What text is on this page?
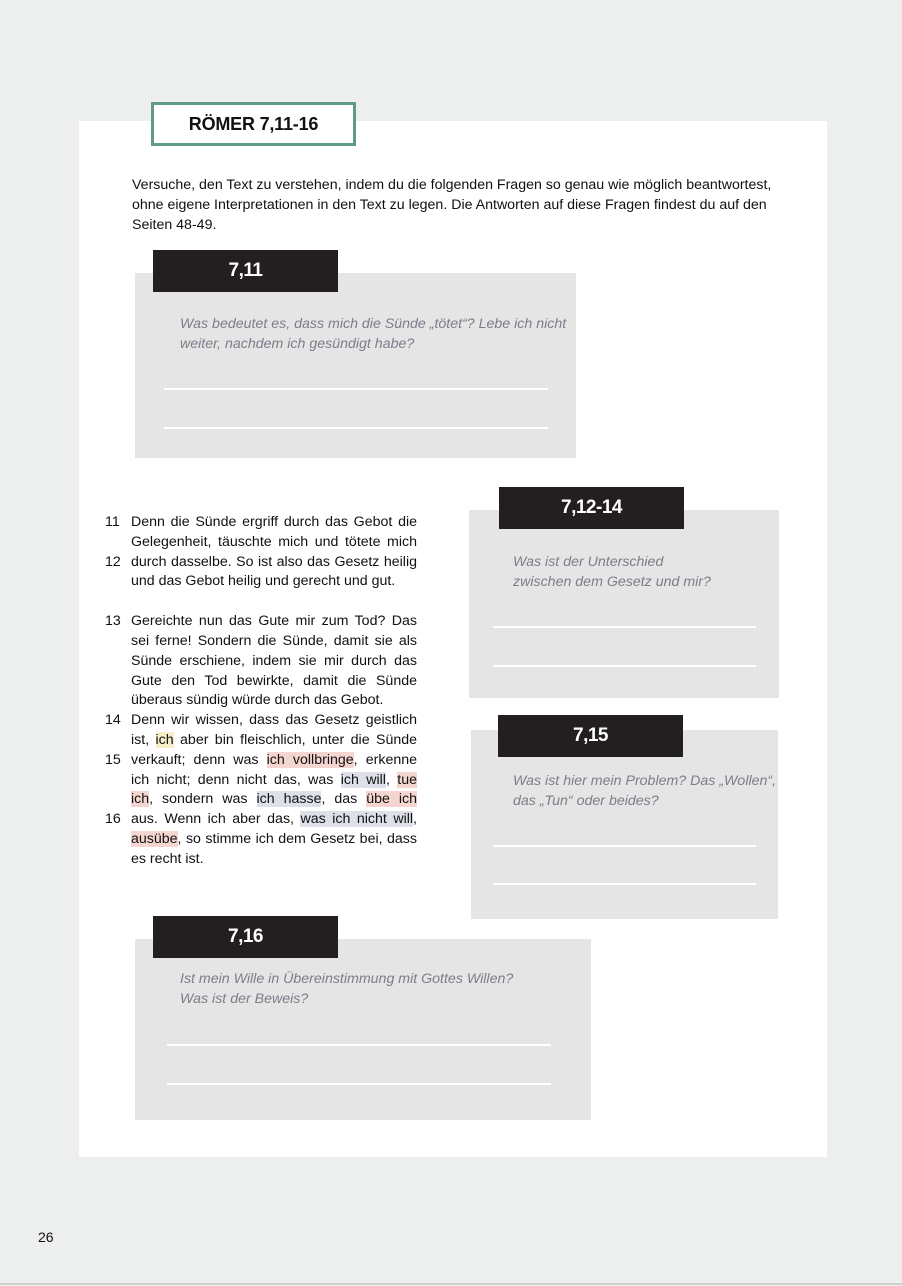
RÖMER 7,11-16
Versuche, den Text zu verstehen, indem du die folgenden Fragen so genau wie möglich beantwortest, ohne eigene Interpretationen in den Text zu legen. Die Antworten auf diese Fragen findest du auf den Seiten 48-49.
7,11
Was bedeutet es, dass mich die Sünde „tötet“? Lebe ich nicht
weiter, nachdem ich gesündigt habe?
7,12-14
Was ist der Unterschied
zwischen dem Gesetz und mir?
7,15
Was ist hier mein Problem? Das „Wollen“,
das „Tun“ oder beides?
7,16
Ist mein Wille in Übereinstimmung mit Gottes Willen?
Was ist der Beweis?
11 Denn die Sünde ergriff durch das Gebot die
Gelegenheit, täuschte mich und tötete mich
12 durch dasselbe. So ist also das Gesetz heilig
und das Gebot heilig und gerecht und gut.
13 Gereichte nun das Gute mir zum Tod? Das
sei ferne! Sondern die Sünde, damit sie als
Sünde erschiene, indem sie mir durch das
Gute den Tod bewirkte, damit die Sünde
überaus sündig würde durch das Gebot.
14 Denn wir wissen, dass das Gesetz geistlich
ist, ich aber bin fleischlich, unter die Sünde
15 verkauft; denn was ich vollbringe, erkenne
ich nicht; denn nicht das, was ich will, tue
ich, sondern was ich hasse, das übe ich
16 aus. Wenn ich aber das, was ich nicht will,
ausübe, so stimme ich dem Gesetz bei, dass
es recht ist.
26
